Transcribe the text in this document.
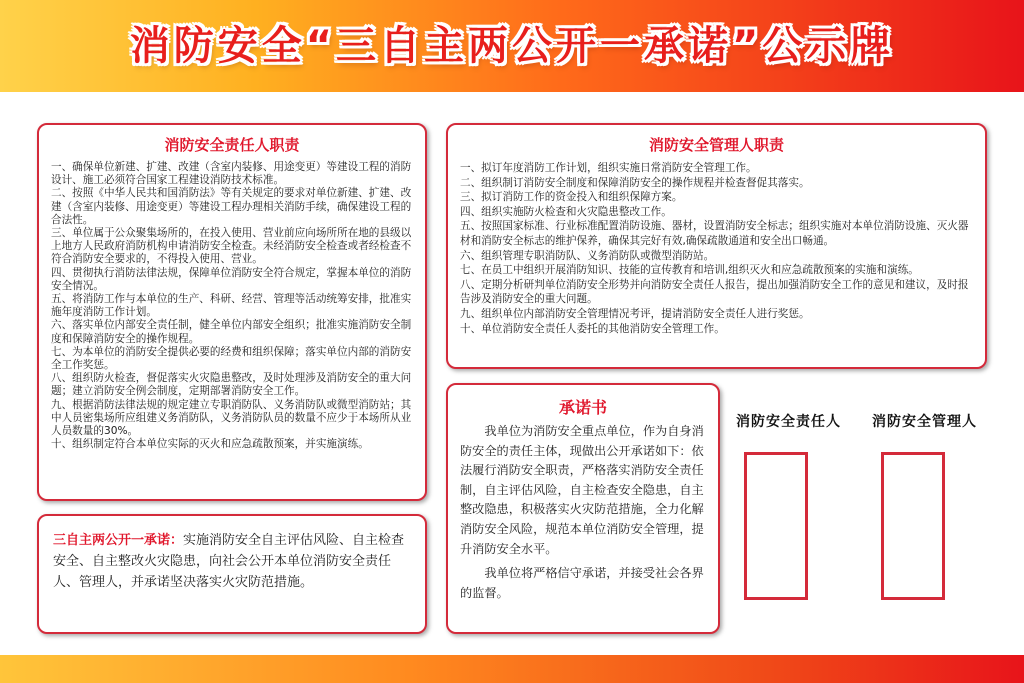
消防安全“三自主两公开一承诺”公示牌
消防安全责任人职责
一、确保单位新建、扩建、改建（含室内装修、用途变更）等建设工程的消防设计、施工必须符合国家工程建设消防技术标准。
二、按照《中华人民共和国消防法》等有关规定的要求对单位新建、扩建、改建（含室内装修、用途变更）等建设工程办理相关消防手续，确保建设工程的合法性。
三、单位属于公众聚集场所的，在投入使用、营业前应向场所所在地的县级以上地方人民政府消防机构申请消防安全检查。未经消防安全检查或者经检查不符合消防安全要求的，不得投入使用、营业。
四、贯彻执行消防法律法规，保障单位消防安全符合规定，掌握本单位的消防安全情况。
五、将消防工作与本单位的生产、科研、经营、管理等活动统筹安排，批准实施年度消防工作计划。
六、落实单位内部安全责任制，健全单位内部安全组织；批准实施消防安全制度和保障消防安全的操作规程。
七、为本单位的消防安全提供必要的经费和组织保障；落实单位内部的消防安全工作奖惩。
八、组织防火检查，督促落实火灾隐患整改，及时处理涉及消防安全的重大问题；建立消防安全例会制度，定期部署消防安全工作。
九、根据消防法律法规的规定建立专职消防队、义务消防队或微型消防站；其中人员密集场所应组建义务消防队，义务消防队员的数量不应少于本场所从业人员数量的30%。
十、组织制定符合本单位实际的灭火和应急疏散预案，并实施演练。
消防安全管理人职责
一、拟订年度消防工作计划，组织实施日常消防安全管理工作。
二、组织制订消防安全制度和保障消防安全的操作规程并检查督促其落实。
三、拟订消防工作的资金投入和组织保障方案。
四、组织实施防火检查和火灾隐患整改工作。
五、按照国家标准、行业标准配置消防设施、器材，设置消防安全标志；组织实施对本单位消防设施、灭火器材和消防安全标志的维护保养，确保其完好有效,确保疏散通道和安全出口畅通。
六、组织管理专职消防队、义务消防队或微型消防站。
七、在员工中组织开展消防知识、技能的宣传教育和培训,组织灭火和应急疏散预案的实施和演练。
八、定期分析研判单位消防安全形势并向消防安全责任人报告，提出加强消防安全工作的意见和建议，及时报告涉及消防安全的重大问题。
九、组织单位内部消防安全管理情况考评，提请消防安全责任人进行奖惩。
十、单位消防安全责任人委托的其他消防安全管理工作。
三自主两公开一承诺：实施消防安全自主评估风险、自主检查安全、自主整改火灾隐患，向社会公开本单位消防安全责任人、管理人，并承诺坚决落实火灾防范措施。
承诺书
我单位为消防安全重点单位，作为自身消防安全的责任主体，现做出公开承诺如下：依法履行消防安全职责，严格落实消防安全责任制，自主评估风险，自主检查安全隐患，自主整改隐患，积极落实火灾防范措施，全力化解消防安全风险，规范本单位消防安全管理，提升消防安全水平。
我单位将严格信守承诺，并接受社会各界的监督。
消防安全责任人 消防安全管理人
